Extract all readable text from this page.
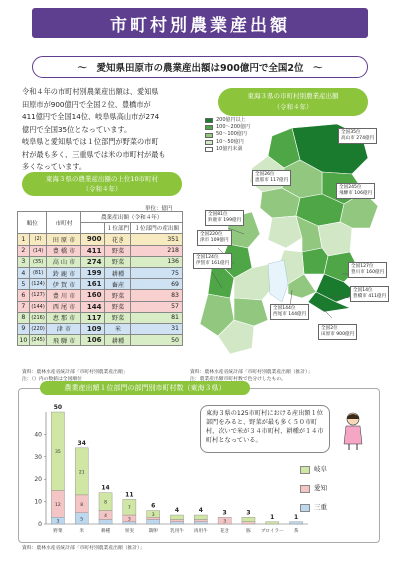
市町村別農業産出額
～　愛知県田原市の農業産出額は900億円で全国2位　～
令和４年の市町村別農業産出額は、愛知県
田原市が900億円で全国２位、豊橋市が
411億円で全国14位、岐阜県高山市が274
億円で全国35位となっています。
岐阜県と愛知県では１位部門が野菜の市町
村が最も多く、三重県では米の市町村が最も
多くなっています。
東海３県の市町村別農業産出額
（令和４年）
200億円以上
100～200億円
50～100億円
10～50億円
10億円未満
全国35位
高山市 274億円
全国26位
恵那市 117億円
全国245位
飛騨市 106億円
全国81位
鈴鹿市 199億円
全国220位
津市 109億円
全国124位
伊賀市 161億円
全国127位
豊川市 160億円
全国14位
豊橋市 411億円
全国144位
西尾市 144億円
全国2位
田原市 900億円
資料：農林水産省統計部「市町村別農業産出額（推計）」
注：農業産出額市町村数で色分けしたもの。
東海３県の農業産出額の上位10市町村
（令和４年）
単位：億円
順位		市町村	農業産出額（令和４年）		
				１位部門	１位部門の産出額
1	(2)	田 原 市	900	花き	351
2	(14)	豊 橋 市	411	野菜	218
3	(35)	高 山 市	274	野菜	136
4	(81)	鈴 鹿 市	199	耕種	75
5	(124)	伊 賀 市	161	畜産	69
6	(127)	豊 川 市	160	野菜	83
7	(144)	西 尾 市	144	野菜	57
8	(216)	恵 那 市	117	野菜	81
9	(220)	津 市	109	米	31
10	(245)	飛 騨 市	106	耕種	50
資料：農林水産省統計部「市町村別農業産出額」
注：（）内の数値は全国順位
農業産出額１位部門の部門別市町村数（東海３県）
0
10
20
30
40
3
12
35
50
野菜
5
8
21
34
米
4
8
14
耕種
3
7
11
果実
3
6
鶏卵
4
乳用牛
4
肉用牛
3
3
花き
3
豚
1
ブロイラー
1
茶
東海３県の125市町村における産出額１位部門をみると、野菜が最も多く５０市町村、次いで米が３４市町村、耕種が１４市町村となっている。
岐阜
愛知
三重
資料：農林水産省統計部「市町村別農業産出額（推計）」
